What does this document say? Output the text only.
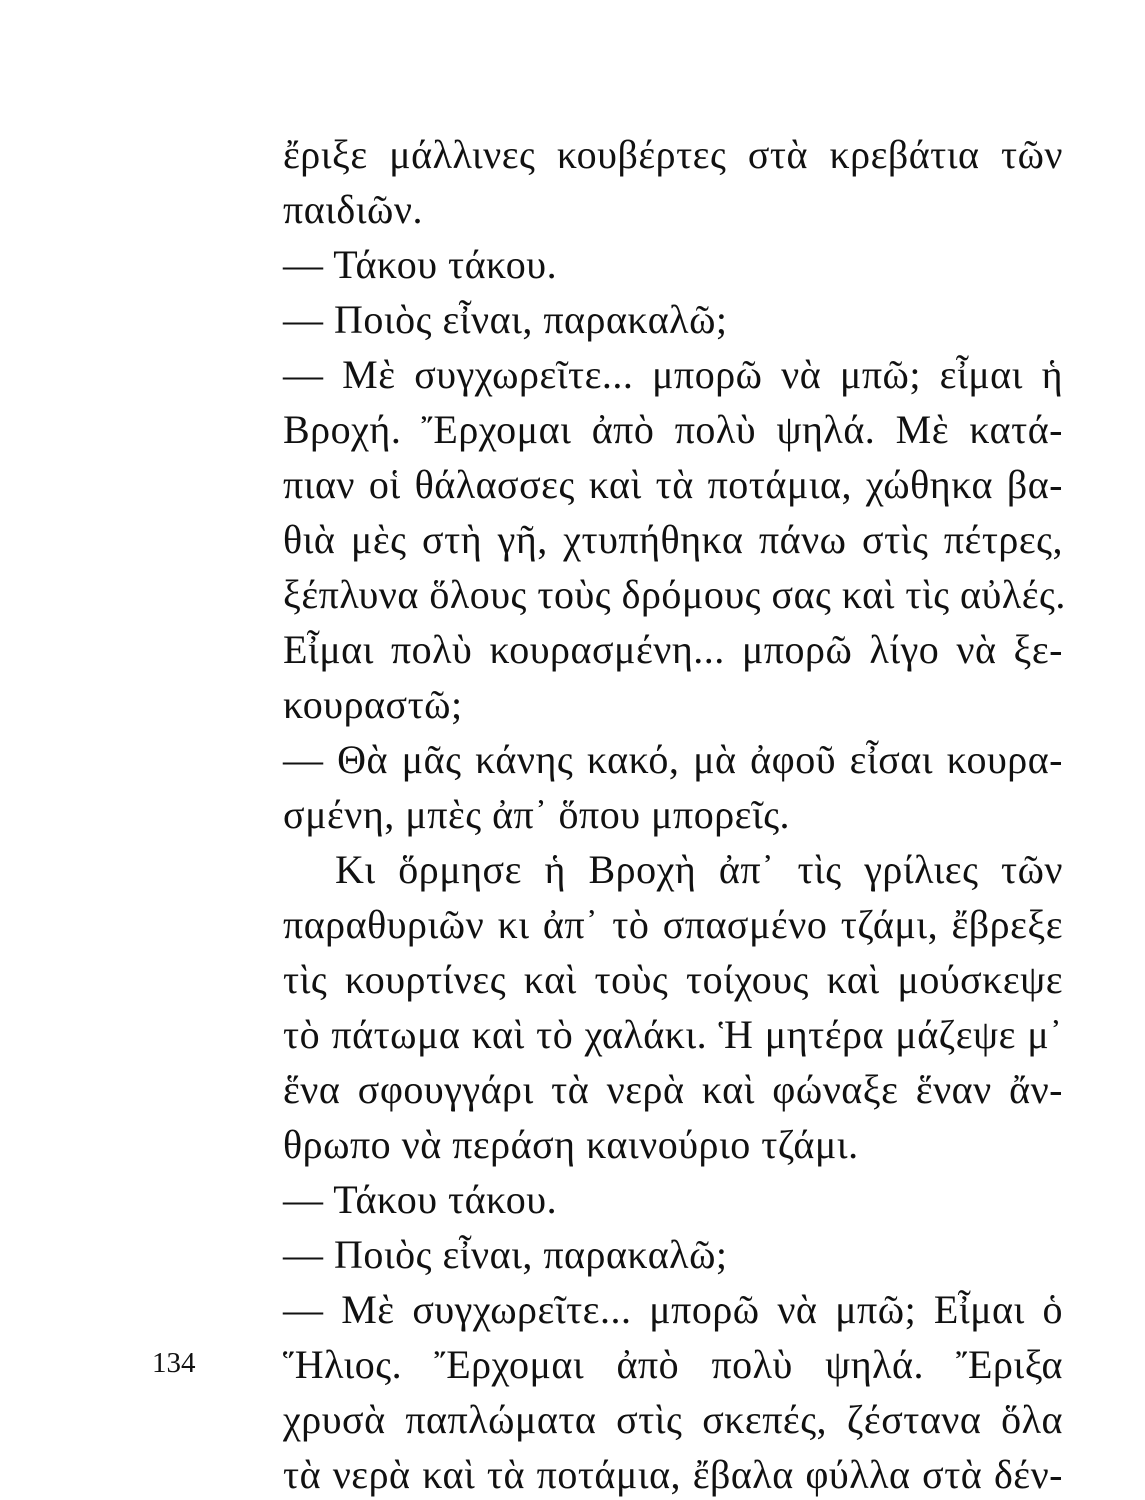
ἔριξε μάλλινες κουβέρτες στὰ κρεβάτια τῶν
παιδιῶν.
— Τάκου τάκου.
— Ποιὸς εἶναι, παρακαλῶ;
— Μὲ συγχωρεῖτε... μπορῶ νὰ μπῶ; εἶμαι ἡ
Βροχή. Ἔρχομαι ἀπὸ πολὺ ψηλά. Μὲ κατά-
πιαν οἱ θάλασσες καὶ τὰ ποτάμια, χώθηκα βα-
θιὰ μὲς στὴ γῆ, χτυπήθηκα πάνω στὶς πέτρες,
ξέπλυνα ὅλους τοὺς δρόμους σας καὶ τὶς αὐλές.
Εἶμαι πολὺ κουρασμένη... μπορῶ λίγο νὰ ξε-
κουραστῶ;
— Θὰ μᾶς κάνης κακό, μὰ ἀφοῦ εἶσαι κουρα-
σμένη, μπὲς ἀπ᾽ ὅπου μπορεῖς.
Κι ὅρμησε ἡ Βροχὴ ἀπ᾽ τὶς γρίλιες τῶν
παραθυριῶν κι ἀπ᾽ τὸ σπασμένο τζάμι, ἔβρεξε
τὶς κουρτίνες καὶ τοὺς τοίχους καὶ μούσκεψε
τὸ πάτωμα καὶ τὸ χαλάκι. Ἡ μητέρα μάζεψε μ᾽
ἕνα σφουγγάρι τὰ νερὰ καὶ φώναξε ἕναν ἄν-
θρωπο νὰ περάση καινούριο τζάμι.
— Τάκου τάκου.
— Ποιὸς εἶναι, παρακαλῶ;
— Μὲ συγχωρεῖτε... μπορῶ νὰ μπῶ; Εἶμαι ὁ
Ἥλιος. Ἔρχομαι ἀπὸ πολὺ ψηλά. Ἔριξα
χρυσὰ παπλώματα στὶς σκεπές, ζέστανα ὅλα
τὰ νερὰ καὶ τὰ ποτάμια, ἔβαλα φύλλα στὰ δέν-
134
